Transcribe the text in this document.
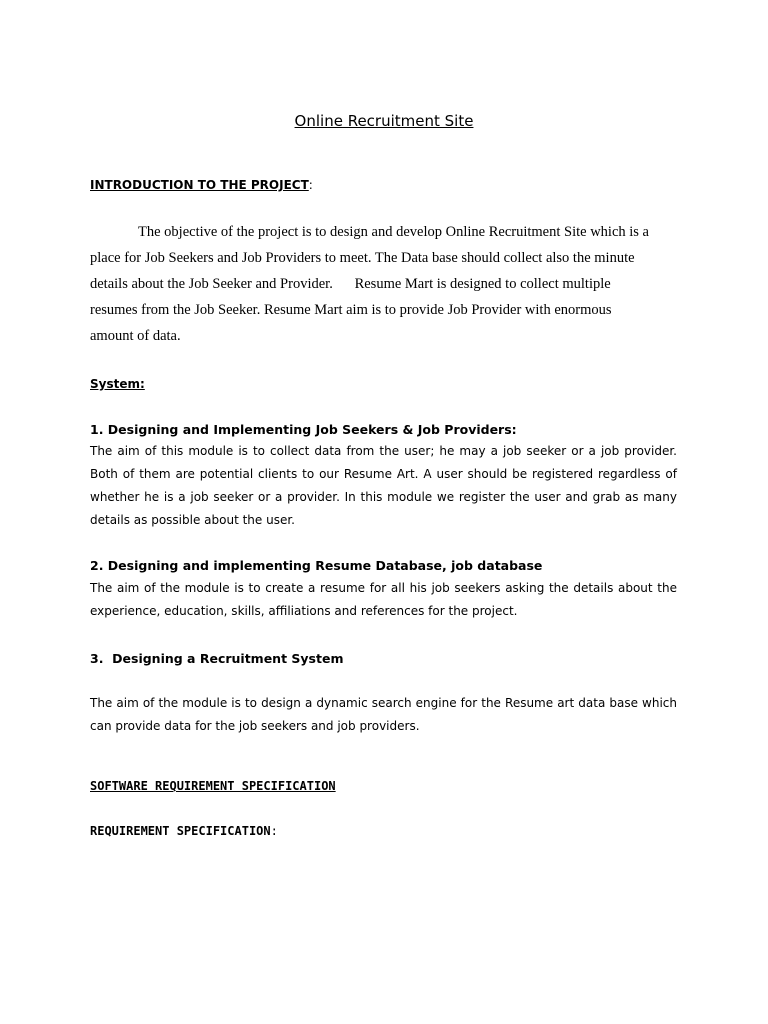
Online Recruitment Site
INTRODUCTION TO THE PROJECT:
The objective of the project is to design and develop Online Recruitment Site which is a
place for Job Seekers and Job Providers to meet. The Data base should collect also the minute
details about the Job Seeker and Provider.      Resume Mart is designed to collect multiple
resumes from the Job Seeker. Resume Mart aim is to provide Job Provider with enormous
amount of data.
System:
1. Designing and Implementing Job Seekers & Job Providers:
The aim of this module is to collect data from the user; he may a job seeker or a job provider. Both of them are potential clients to our Resume Art. A user should be registered regardless of whether he is a job seeker or a provider. In this module we register the user and grab as many details as possible about the user.
2. Designing and implementing Resume Database, job database
The aim of the module is to create a resume for all his job seekers asking the details about the experience, education, skills, affiliations and references for the project.
3.  Designing a Recruitment System
The aim of the module is to design a dynamic search engine for the Resume art data base which can provide data for the job seekers and job providers.
SOFTWARE REQUIREMENT SPECIFICATION
REQUIREMENT SPECIFICATION:
